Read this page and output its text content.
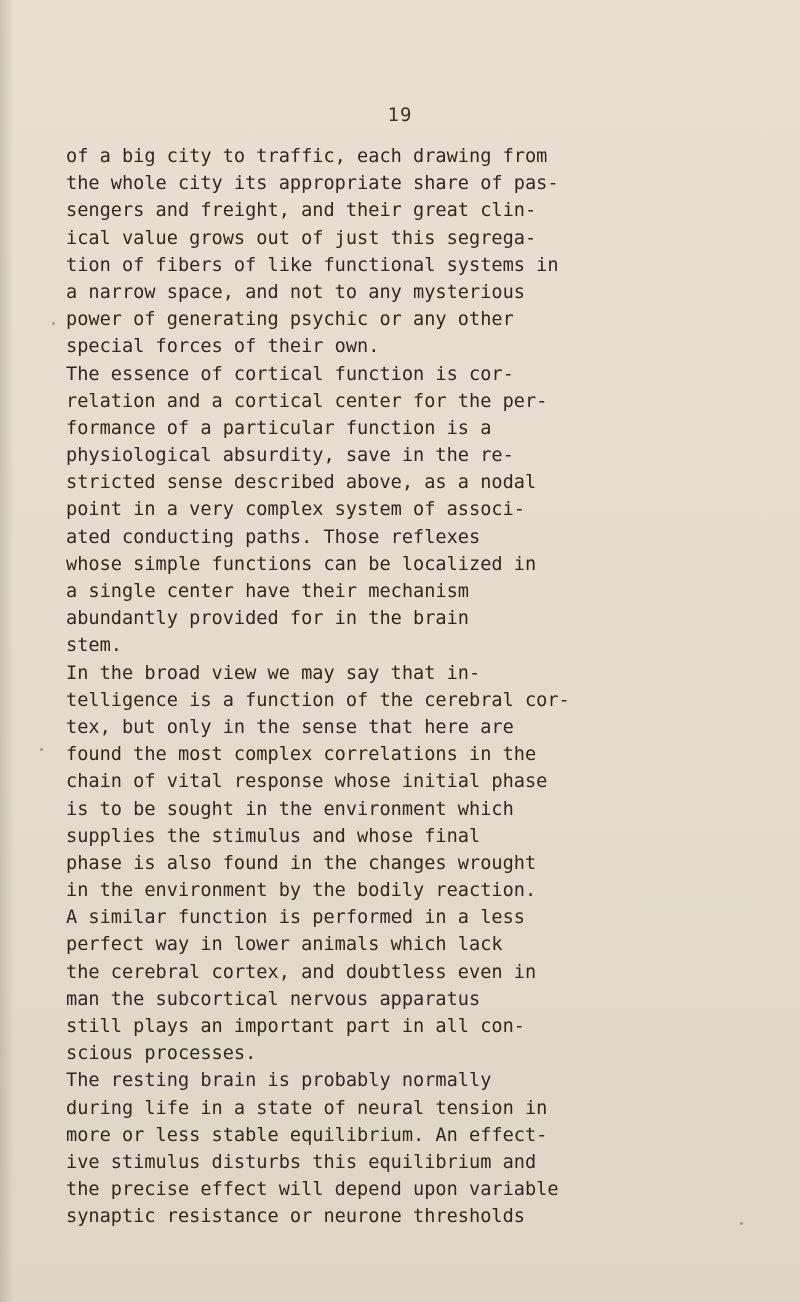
19
of a big city to traffic, each drawing from
the whole city its appropriate share of pas-
sengers and freight, and their great clin-
ical value grows out of just this segrega-
tion of fibers of like functional systems in
a narrow space, and not to any mysterious
power of generating psychic or any other
special forces of their own.
The essence of cortical function is cor-
relation and a cortical center for the per-
formance of a particular function is a
physiological absurdity, save in the re-
stricted sense described above, as a nodal
point in a very complex system of associ-
ated conducting paths. Those reflexes
whose simple functions can be localized in
a single center have their mechanism
abundantly provided for in the brain
stem.
In the broad view we may say that in-
telligence is a function of the cerebral cor-
tex, but only in the sense that here are
found the most complex correlations in the
chain of vital response whose initial phase
is to be sought in the environment which
supplies the stimulus and whose final
phase is also found in the changes wrought
in the environment by the bodily reaction.
A similar function is performed in a less
perfect way in lower animals which lack
the cerebral cortex, and doubtless even in
man the subcortical nervous apparatus
still plays an important part in all con-
scious processes.
The resting brain is probably normally
during life in a state of neural tension in
more or less stable equilibrium. An effect-
ive stimulus disturbs this equilibrium and
the precise effect will depend upon variable
synaptic resistance or neurone thresholds
